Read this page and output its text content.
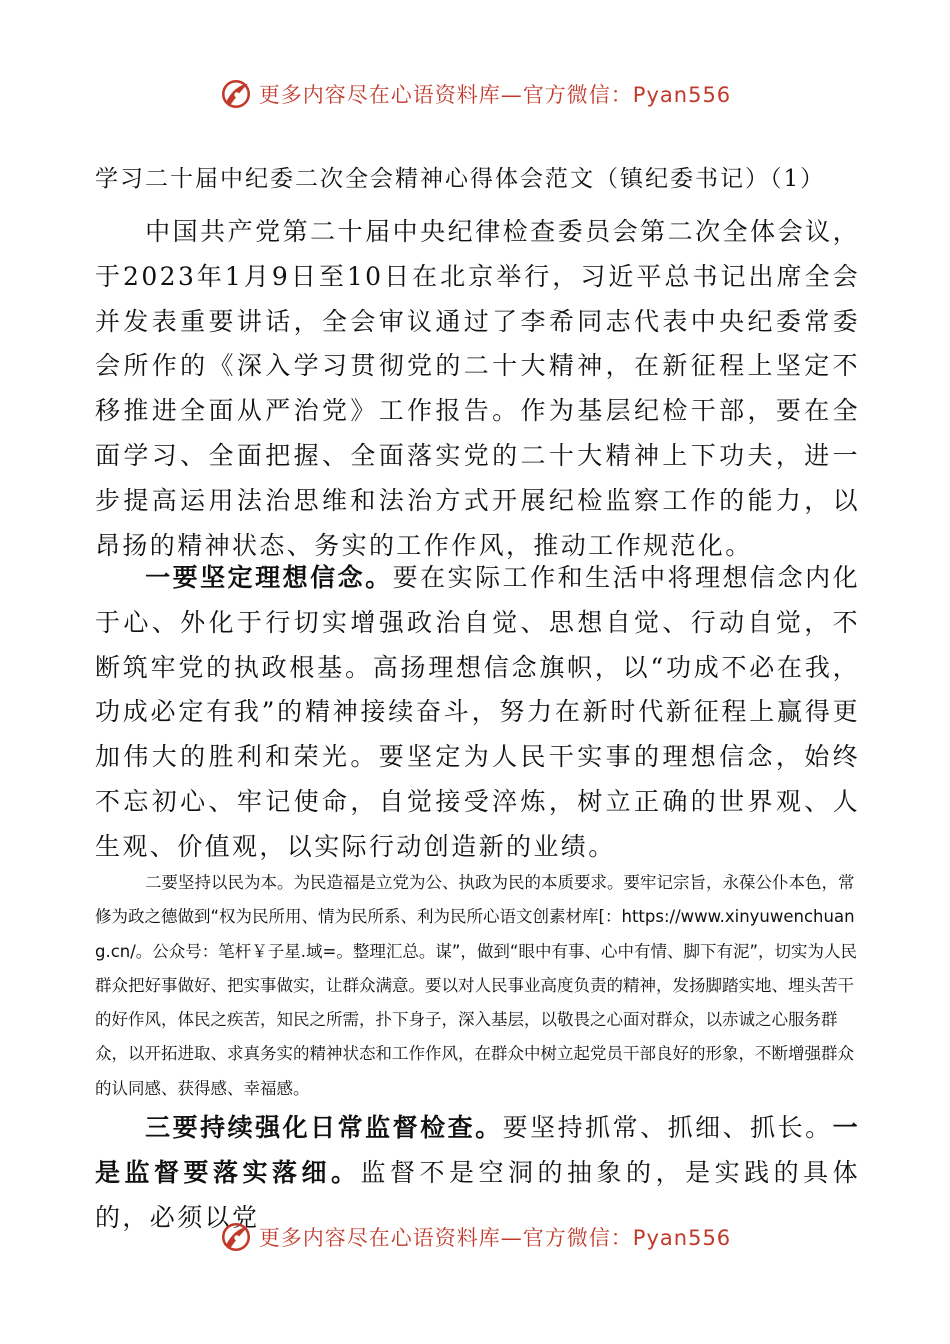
更多内容尽在心语资料库—官方微信：Pyan556
学习二十届中纪委二次全会精神心得体会范文（镇纪委书记）（1）

中国共产党第二十届中央纪律检查委员会第二次全体会议，于2023年1月9日至10日在北京举行，习近平总书记出席全会并发表重要讲话，全会审议通过了李希同志代表中央纪委常委会所作的《深入学习贯彻党的二十大精神，在新征程上坚定不移推进全面从严治党》工作报告。作为基层纪检干部，要在全面学习、全面把握、全面落实党的二十大精神上下功夫，进一步提高运用法治思维和法治方式开展纪检监察工作的能力，以昂扬的精神状态、务实的工作作风，推动工作规范化。

一要坚定理想信念。要在实际工作和生活中将理想信念内化于心、外化于行切实增强政治自觉、思想自觉、行动自觉，不断筑牢党的执政根基。高扬理想信念旗帜，以“功成不必在我，功成必定有我”的精神接续奋斗，努力在新时代新征程上赢得更加伟大的胜利和荣光。要坚定为人民干实事的理想信念，始终不忘初心、牢记使命，自觉接受淬炼，树立正确的世界观、人生观、价值观，以实际行动创造新的业绩。

二要坚持以民为本。为民造福是立党为公、执政为民的本质要求。要牢记宗旨，永葆公仆本色，常修为政之德做到“权为民所用、情为民所系、利为民所心语文创素材库[：https://www.xinyuwenchuang.cn/。公众号：笔杆￥子星.域=。整理汇总。谋”，做到“眼中有事、心中有情、脚下有泥”，切实为人民群众把好事做好、把实事做实，让群众满意。要以对人民事业高度负责的精神，发扬脚踏实地、埋头苦干的好作风，体民之疾苦，知民之所需，扑下身子，深入基层，以敬畏之心面对群众，以赤诚之心服务群众，以开拓进取、求真务实的精神状态和工作作风，在群众中树立起党员干部良好的形象，不断增强群众的认同感、获得感、幸福感。

三要持续强化日常监督检查。要坚持抓常、抓细、抓长。一是监督要落实落细。监督不是空洞的抽象的，是实践的具体的，必须以党

更多内容尽在心语资料库—官方微信：Pyan556
